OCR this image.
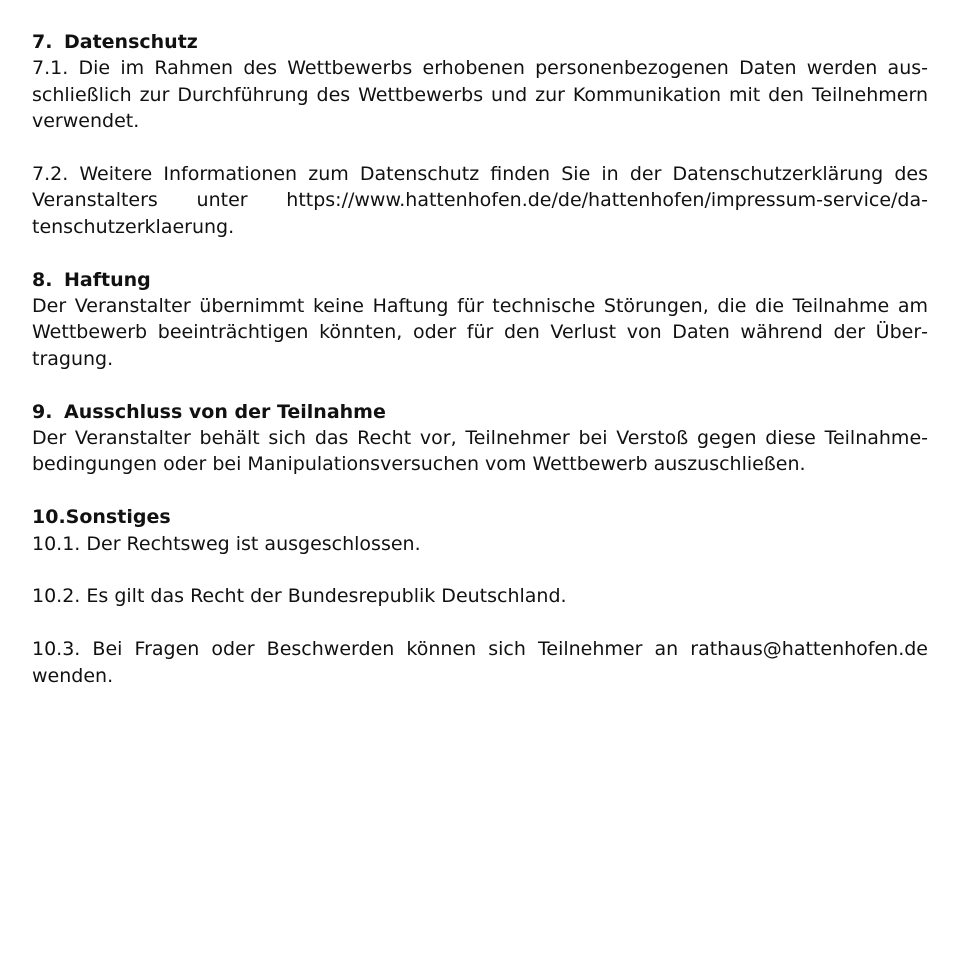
7. Datenschutz

7.1. Die im Rahmen des Wettbewerbs erhobenen personenbezogenen Daten werden ausschließlich zur Durchführung des Wettbewerbs und zur Kommunikation mit den Teilnehmern verwendet.

7.2. Weitere Informationen zum Datenschutz finden Sie in der Datenschutzerklärung des Veranstalters unter https://www.hattenhofen.de/de/hattenhofen/impressum-service/datenschutzerklaerung.

8. Haftung

Der Veranstalter übernimmt keine Haftung für technische Störungen, die die Teilnahme am Wettbewerb beeinträchtigen könnten, oder für den Verlust von Daten während der Übertragung.

9. Ausschluss von der Teilnahme

Der Veranstalter behält sich das Recht vor, Teilnehmer bei Verstoß gegen diese Teilnahmebedingungen oder bei Manipulationsversuchen vom Wettbewerb auszuschließen.

10. Sonstiges

10.1. Der Rechtsweg ist ausgeschlossen.

10.2. Es gilt das Recht der Bundesrepublik Deutschland.

10.3. Bei Fragen oder Beschwerden können sich Teilnehmer an rathaus@hattenhofen.de wenden.
